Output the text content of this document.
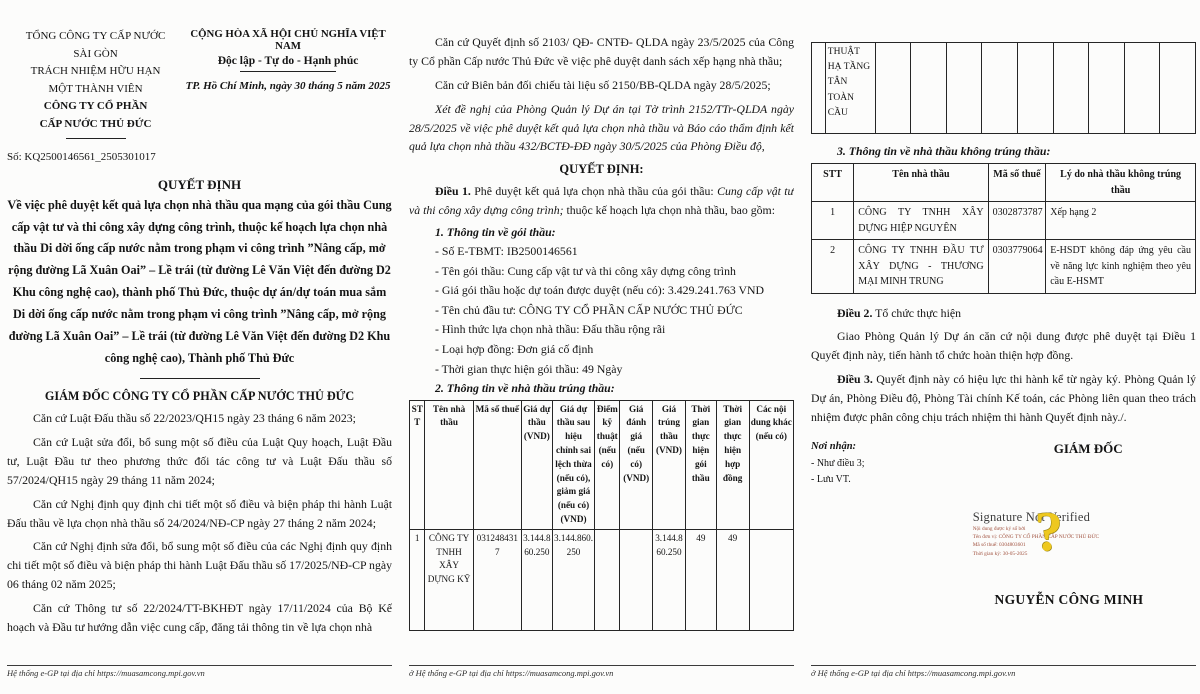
TỔNG CÔNG TY CẤP NƯỚC
SÀI GÒN
TRÁCH NHIỆM HỮU HẠN
MỘT THÀNH VIÊN
CÔNG TY CỔ PHẦN
CẤP NƯỚC THỦ ĐỨC
CỘNG HÒA XÃ HỘI CHỦ NGHĨA VIỆT NAM
Độc lập - Tự do - Hạnh phúc
TP. Hồ Chí Minh, ngày 30 tháng 5 năm 2025
Số: KQ2500146561_2505301017
QUYẾT ĐỊNH
Về việc phê duyệt kết quả lựa chọn nhà thầu qua mạng của gói thầu Cung cấp vật tư và thi công xây dựng công trình, thuộc kế hoạch lựa chọn nhà thầu Di dời ống cấp nước nằm trong phạm vi công trình ”Nâng cấp, mở rộng đường Lã Xuân Oai” – Lề trái (từ đường Lê Văn Việt đến đường D2 Khu công nghệ cao), thành phố Thủ Đức, thuộc dự án/dự toán mua sắm Di dời ống cấp nước nằm trong phạm vi công trình ”Nâng cấp, mở rộng đường Lã Xuân Oai” – Lề trái (từ đường Lê Văn Việt đến đường D2 Khu công nghệ cao), Thành phố Thủ Đức
GIÁM ĐỐC CÔNG TY CỔ PHẦN CẤP NƯỚC THỦ ĐỨC

Căn cứ Luật Đấu thầu số 22/2023/QH15 ngày 23 tháng 6 năm 2023;

Căn cứ Luật sửa đổi, bổ sung một số điều của Luật Quy hoạch, Luật Đầu tư, Luật Đầu tư theo phương thức đối tác công tư và Luật Đấu thầu số 57/2024/QH15 ngày 29 tháng 11 năm 2024;

Căn cứ Nghị định quy định chi tiết một số điều và biện pháp thi hành Luật Đấu thầu về lựa chọn nhà thầu số 24/2024/NĐ-CP ngày 27 tháng 2 năm 2024;

Căn cứ Nghị định sửa đổi, bổ sung một số điều của các Nghị định quy định chi tiết một số điều và biện pháp thi hành Luật Đấu thầu số 17/2025/NĐ-CP ngày 06 tháng 02 năm 2025;

Căn cứ Thông tư số 22/2024/TT-BKHĐT ngày 17/11/2024 của Bộ Kế hoạch và Đầu tư hướng dẫn việc cung cấp, đăng tải thông tin về lựa chọn nhà

Hệ thống e-GP tại địa chỉ https://muasamcong.mpi.gov.vn

Căn cứ Quyết định số 2103/ QĐ- CNTĐ- QLDA ngày 23/5/2025 của Công ty Cổ phần Cấp nước Thủ Đức về việc phê duyệt danh sách xếp hạng nhà thầu;

Căn cứ Biên bản đối chiếu tài liệu số 2150/BB-QLDA ngày 28/5/2025;

Xét đề nghị của Phòng Quản lý Dự án tại Tờ trình 2152/TTr-QLDA ngày 28/5/2025 về việc phê duyệt kết quả lựa chọn nhà thầu và Báo cáo thẩm định kết quả lựa chọn nhà thầu 432/BCTĐ-ĐĐ ngày 30/5/2025 của Phòng Điều độ,

QUYẾT ĐỊNH:

Điều 1. Phê duyệt kết quả lựa chọn nhà thầu của gói thầu: Cung cấp vật tư và thi công xây dựng công trình; thuộc kế hoạch lựa chọn nhà thầu, bao gồm:

1. Thông tin về gói thầu:
- Số E-TBMT: IB2500146561
- Tên gói thầu: Cung cấp vật tư và thi công xây dựng công trình
- Giá gói thầu hoặc dự toán được duyệt (nếu có): 3.429.241.763 VND
- Tên chủ đầu tư: CÔNG TY CỔ PHẦN CẤP NƯỚC THỦ ĐỨC
- Hình thức lựa chọn nhà thầu: Đấu thầu rộng rãi
- Loại hợp đồng: Đơn giá cố định
- Thời gian thực hiện gói thầu: 49 Ngày
2. Thông tin về nhà thầu trúng thầu:
STT	Tên nhà thầu	Mã số thuế	Giá dự thầu (VND)	Giá dự thầu sau hiệu chỉnh sai lệch thừa (nếu có), giảm giá (nếu có) (VND)	Điểm kỹ thuật (nếu có)	Giá đánh giá (nếu có) (VND)	Giá trúng thầu (VND)	Thời gian thực hiện gói thầu	Thời gian thực hiện hợp đồng	Các nội dung khác (nếu có)
1	CÔNG TY TNHH XÂY DỰNG KỸ	0312484317	3.144.860.250	3.144.860.250			3.144.860.250	49	49	
ở Hệ thống e-GP tại địa chỉ https://muasamcong.mpi.gov.vn
	THUẬT HẠ TẦNG TÂN TOÀN CẦU									
3. Thông tin về nhà thầu không trúng thầu:
STT	Tên nhà thầu	Mã số thuế	Lý do nhà thầu không trúng thầu
1	CÔNG TY TNHH XÂY DỰNG HIỆP NGUYÊN	0302873787	Xếp hạng 2
2	CÔNG TY TNHH ĐẦU TƯ XÂY DỰNG - THƯƠNG MẠI MINH TRUNG	0303779064	E-HSDT không đáp ứng yêu cầu về năng lực kinh nghiệm theo yêu cầu E-HSMT

Điều 2. Tổ chức thực hiện

Giao Phòng Quản lý Dự án căn cứ nội dung được phê duyệt tại Điều 1 Quyết định này, tiến hành tổ chức hoàn thiện hợp đồng.

Điều 3. Quyết định này có hiệu lực thi hành kể từ ngày ký. Phòng Quản lý Dự án, Phòng Điều độ, Phòng Tài chính Kế toán, các Phòng liên quan theo trách nhiệm được phân công chịu trách nhiệm thi hành Quyết định này./.

Nơi nhận:
- Như điều 3;
- Lưu VT.
GIÁM ĐỐC
Signature Not Verified
Nội dung được ký số bởi
Tên đơn vị: CÔNG TY CỔ PHẦN CẤP NƯỚC THỦ ĐỨC
Mã số thuế: 0304803601
Thời gian ký: 30-05-2025 ?
NGUYỄN CÔNG MINH
ở Hệ thống e-GP tại địa chỉ https://muasamcong.mpi.gov.vn
